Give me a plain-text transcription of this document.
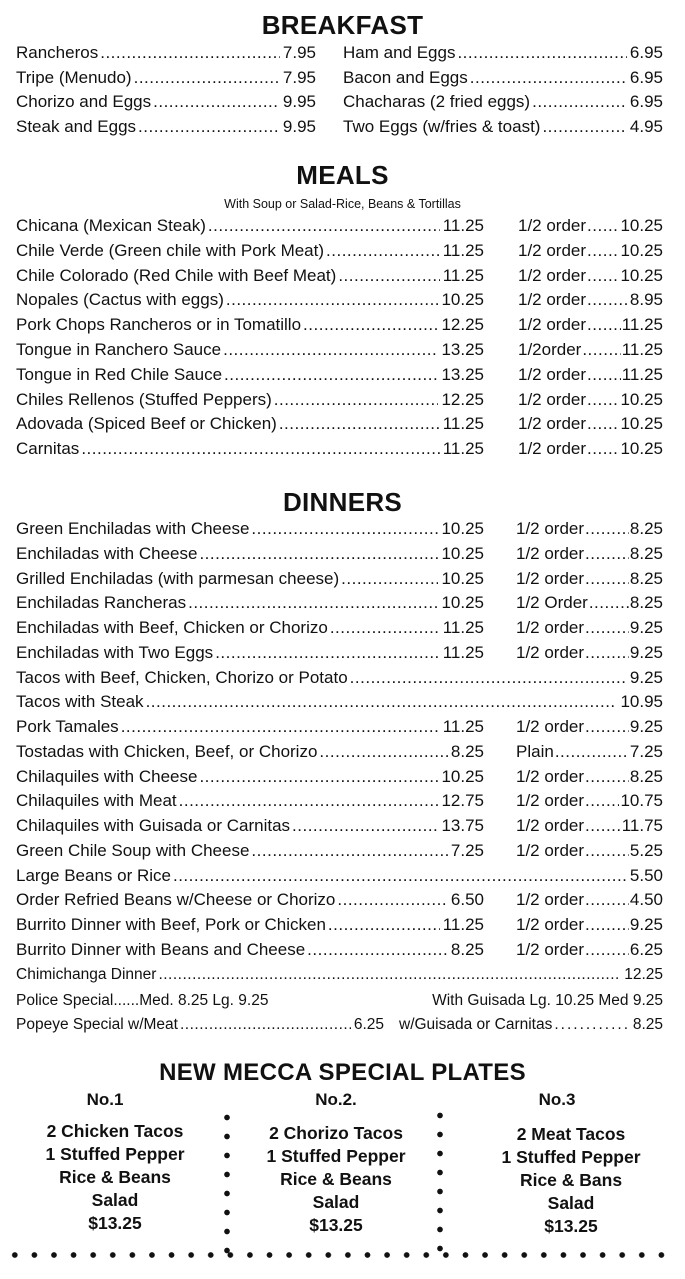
BREAKFAST
Rancheros .....	7.95
Tripe (Menudo) .....	7.95
Chorizo and Eggs .....	9.95
Steak and Eggs .....	9.95
Ham and Eggs .....	6.95
Bacon and Eggs .....	6.95
Chacharas (2 fried eggs) .....	6.95
Two Eggs (w/fries & toast) .....	4.95
MEALS
With Soup or Salad-Rice, Beans & Tortillas
Chicana (Mexican Steak) .....	11.25 1/2 order ..... 10.25
Chile Verde (Green chile with Pork Meat) .....	11.25 1/2 order ..... 10.25
Chile Colorado (Red Chile with Beef Meat) .....	11.25 1/2 order ..... 10.25
Nopales (Cactus with eggs) .....	10.25 1/2 order .....	8.95
Pork Chops Rancheros or in Tomatillo .....	12.25 1/2 order ..... 11.25
Tongue in Ranchero Sauce .....	13.25 1/2order ..... 11.25
Tongue in Red Chile Sauce .....	13.25 1/2 order ..... 11.25
Chiles Rellenos (Stuffed Peppers) .....	12.25 1/2 order ..... 10.25
Adovada (Spiced Beef or Chicken) .....	11.25 1/2 order ..... 10.25
Carnitas .....	11.25 1/2 order ..... 10.25
DINNERS
Green Enchiladas with Cheese .....	10.25 1/2 order .....	8.25
Enchiladas with Cheese .....	10.25 1/2 order .....	8.25
Grilled Enchiladas (with parmesan cheese) .....	10.25 1/2 order .....	8.25
Enchiladas Rancheras .....	10.25 1/2 Order ..... 8.25
Enchiladas with Beef, Chicken or Chorizo .....	11.25 1/2 order .....	9.25
Enchiladas with Two Eggs .....	11.25 1/2 order .....	9.25
Tacos with Beef, Chicken, Chorizo or Potato .....	9.25
Tacos with Steak .....	10.95
Pork Tamales .....	11.25 1/2 order .....	9.25
Tostadas with Chicken, Beef, or Chorizo .....	8.25 Plain .....	7.25
Chilaquiles with Cheese .....	10.25 1/2 order .....	8.25
Chilaquiles with Meat .....	12.75 1/2 order ..... 10.75
Chilaquiles with Guisada or Carnitas .....	13.75 1/2 order ..... 11.75
Green Chile Soup with Cheese .....	7.25 1/2 order .....	5.25
Large Beans or Rice .....	5.50
Order Refried Beans w/Cheese or Chorizo .....	6.50 1/2 order .....	4.50
Burrito Dinner with Beef, Pork or Chicken .....	11.25 1/2 order .....	9.25
Burrito Dinner with Beans and Cheese .....	8.25 1/2 order .....	6.25
Chimichanga Dinner .....	12.25
Police Special......Med. 8.25 Lg. 9.25	With Guisada Lg. 10.25 Med 9.25
Popeye Special w/Meat .....	6.25 w/Guisada or Carnitas .....	8.25
NEW MECCA SPECIAL PLATES
No.1	No.2.	No.3
2 Chicken Tacos
1 Stuffed Pepper
Rice & Beans
Salad
$13.25
2 Chorizo Tacos
1 Stuffed Pepper
Rice & Beans
Salad
$13.25
2 Meat Tacos
1 Stuffed Pepper
Rice & Bans
Salad
$13.25
